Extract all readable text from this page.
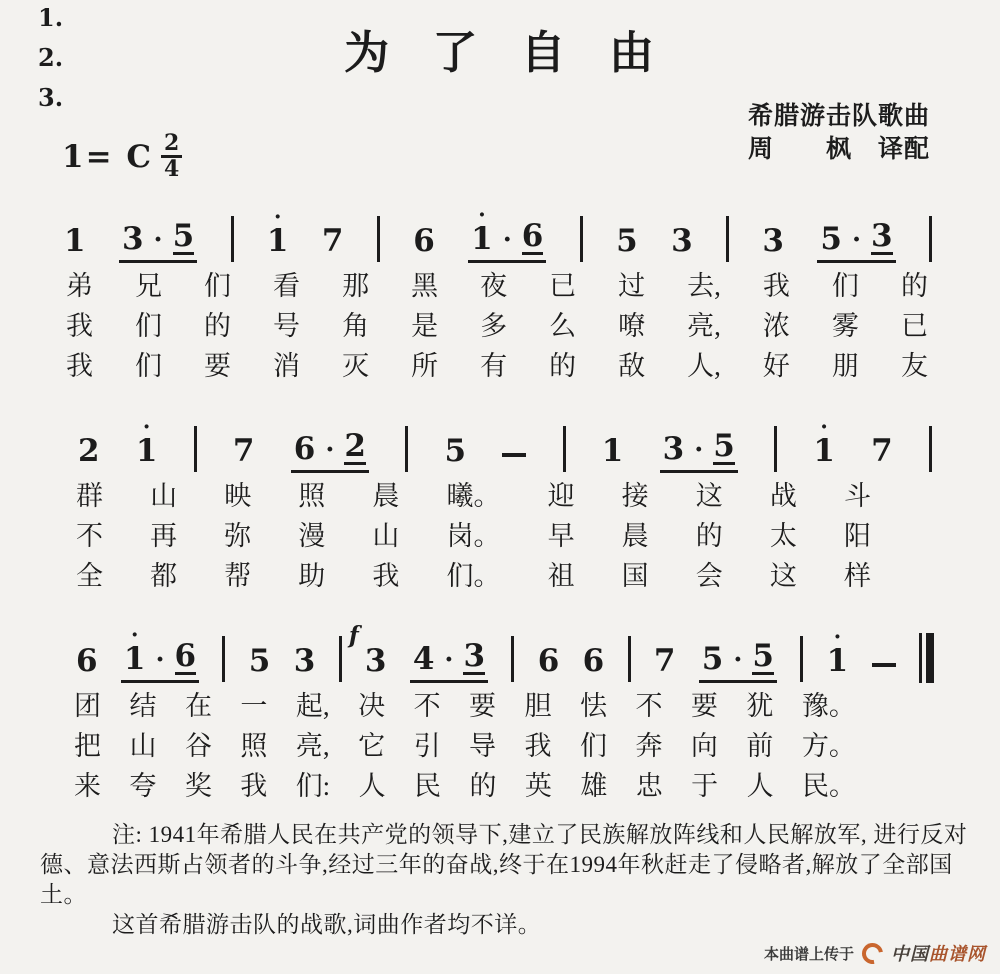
为 了 自 由
希腊游击队歌曲
周　　枫　译配
1= C $\frac{2}{4}$
1 3 · 5 1
·
7 6 1
·
· 6 5 3 3 5 · 3
1.
2.
3.
弟 兄 们 看 那 黑 夜 已 过 去, 我 们 的
我 们 的 号 角 是 多 么 嘹 亮, 浓 雾 已
我 们 要 消 灭 所 有 的 敌 人, 好 朋 友
2 1
·
7 6 · 2	5	1 3 · 5	1
·
7
群 山 映 照 晨 曦。 迎 接 这 战 斗
不 再 弥 漫 山 岗。 早 晨 的 太 阳
全 都 帮 助 我 们。 祖 国 会 这 样
6 1
·
· 6 5 3
f
3 4 · 3 6 6 7 5 · 5 1
·
团 结 在 一 起, 决 不 要 胆 怯 不 要 犹 豫。
把 山 谷 照 亮, 它 引 导 我 们 奔 向 前 方。
来 夸 奖 我 们: 人 民 的 英 雄 忠 于 人 民。
注: 1941年希腊人民在共产党的领导下,建立了民族解放阵线和人民解放军, 进行反对
德、意法西斯占领者的斗争,经过三年的奋战,终于在1994年秋赶走了侵略者,解放了全部国
土。
这首希腊游击队的战歌,词曲作者均不详。
本曲谱上传于 中国曲谱网
